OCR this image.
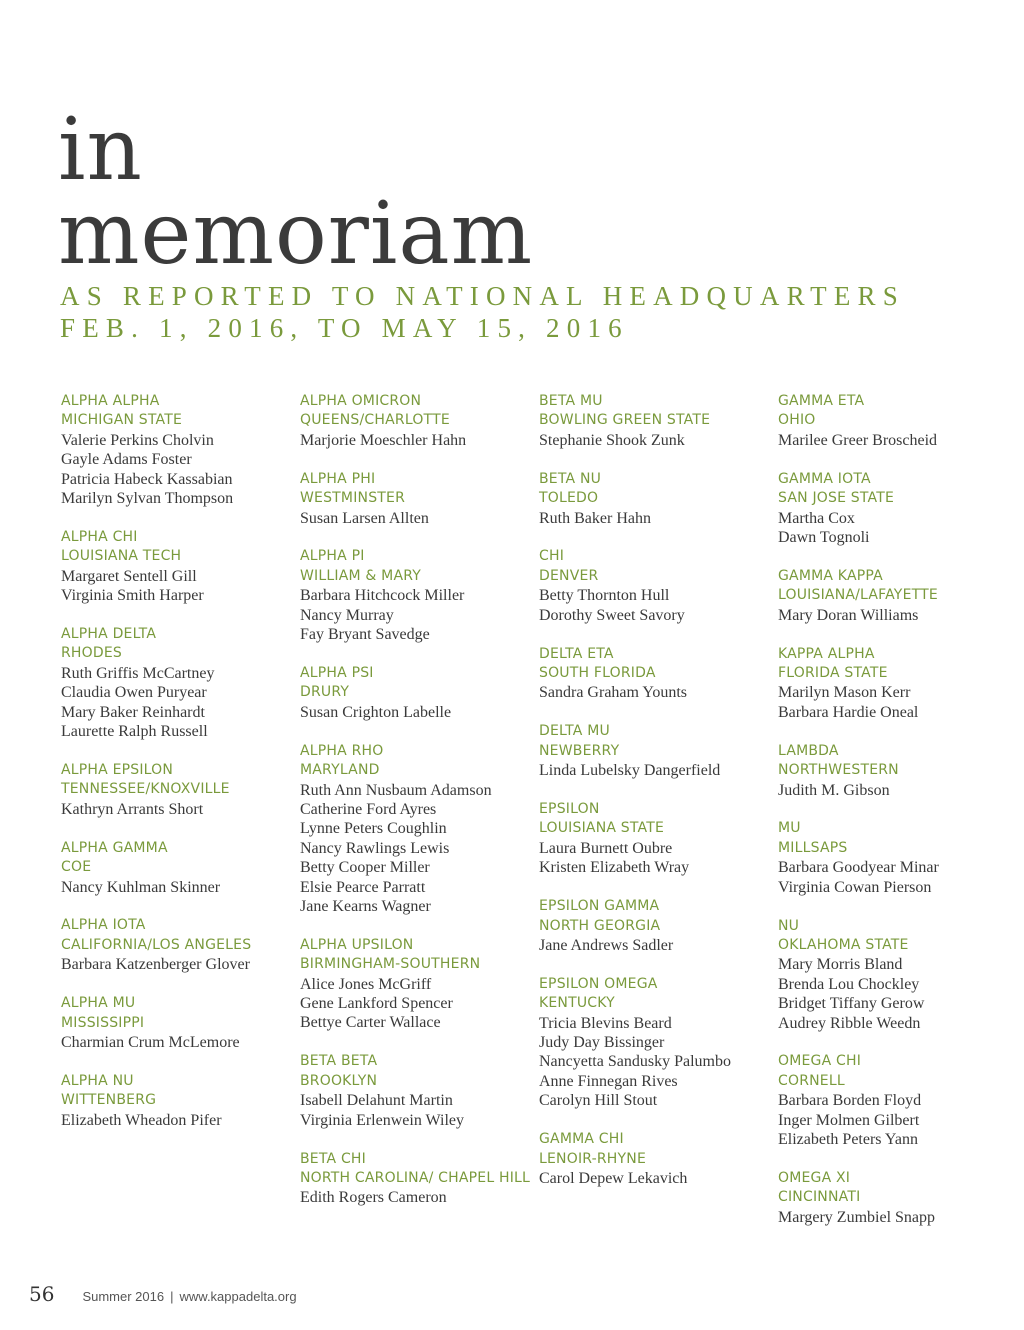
in
memoriam
AS REPORTED TO NATIONAL HEADQUARTERS
FEB. 1, 2016, TO MAY 15, 2016
ALPHA ALPHA
MICHIGAN STATE
Valerie Perkins Cholvin
Gayle Adams Foster
Patricia Habeck Kassabian
Marilyn Sylvan Thompson
ALPHA CHI
LOUISIANA TECH
Margaret Sentell Gill
Virginia Smith Harper
ALPHA DELTA
RHODES
Ruth Griffis McCartney
Claudia Owen Puryear
Mary Baker Reinhardt
Laurette Ralph Russell
ALPHA EPSILON
TENNESSEE/KNOXVILLE
Kathryn Arrants Short
ALPHA GAMMA
COE
Nancy Kuhlman Skinner
ALPHA IOTA
CALIFORNIA/LOS ANGELES
Barbara Katzenberger Glover
ALPHA MU
MISSISSIPPI
Charmian Crum McLemore
ALPHA NU
WITTENBERG
Elizabeth Wheadon Pifer
ALPHA OMICRON
QUEENS/CHARLOTTE
Marjorie Moeschler Hahn
ALPHA PHI
WESTMINSTER
Susan Larsen Allten
ALPHA PI
WILLIAM & MARY
Barbara Hitchcock Miller
Nancy Murray
Fay Bryant Savedge
ALPHA PSI
DRURY
Susan Crighton Labelle
ALPHA RHO
MARYLAND
Ruth Ann Nusbaum Adamson
Catherine Ford Ayres
Lynne Peters Coughlin
Nancy Rawlings Lewis
Betty Cooper Miller
Elsie Pearce Parratt
Jane Kearns Wagner
ALPHA UPSILON
BIRMINGHAM-SOUTHERN
Alice Jones McGriff
Gene Lankford Spencer
Bettye Carter Wallace
BETA BETA
BROOKLYN
Isabell Delahunt Martin
Virginia Erlenwein Wiley
BETA CHI
NORTH CAROLINA/ CHAPEL HILL
Edith Rogers Cameron
BETA MU
BOWLING GREEN STATE
Stephanie Shook Zunk
BETA NU
TOLEDO
Ruth Baker Hahn
CHI
DENVER
Betty Thornton Hull
Dorothy Sweet Savory
DELTA ETA
SOUTH FLORIDA
Sandra Graham Younts
DELTA MU
NEWBERRY
Linda Lubelsky Dangerfield
EPSILON
LOUISIANA STATE
Laura Burnett Oubre
Kristen Elizabeth Wray
EPSILON GAMMA
NORTH GEORGIA
Jane Andrews Sadler
EPSILON OMEGA
KENTUCKY
Tricia Blevins Beard
Judy Day Bissinger
Nancyetta Sandusky Palumbo
Anne Finnegan Rives
Carolyn Hill Stout
GAMMA CHI
LENOIR-RHYNE
Carol Depew Lekavich
GAMMA ETA
OHIO
Marilee Greer Broscheid
GAMMA IOTA
SAN JOSE STATE
Martha Cox
Dawn Tognoli
GAMMA KAPPA
LOUISIANA/LAFAYETTE
Mary Doran Williams
KAPPA ALPHA
FLORIDA STATE
Marilyn Mason Kerr
Barbara Hardie Oneal
LAMBDA
NORTHWESTERN
Judith M. Gibson
MU
MILLSAPS
Barbara Goodyear Minar
Virginia Cowan Pierson
NU
OKLAHOMA STATE
Mary Morris Bland
Brenda Lou Chockley
Bridget Tiffany Gerow
Audrey Ribble Weedn
OMEGA CHI
CORNELL
Barbara Borden Floyd
Inger Molmen Gilbert
Elizabeth Peters Yann
OMEGA XI
CINCINNATI
Margery Zumbiel Snapp
56 Summer 2016 | www.kappadelta.org
